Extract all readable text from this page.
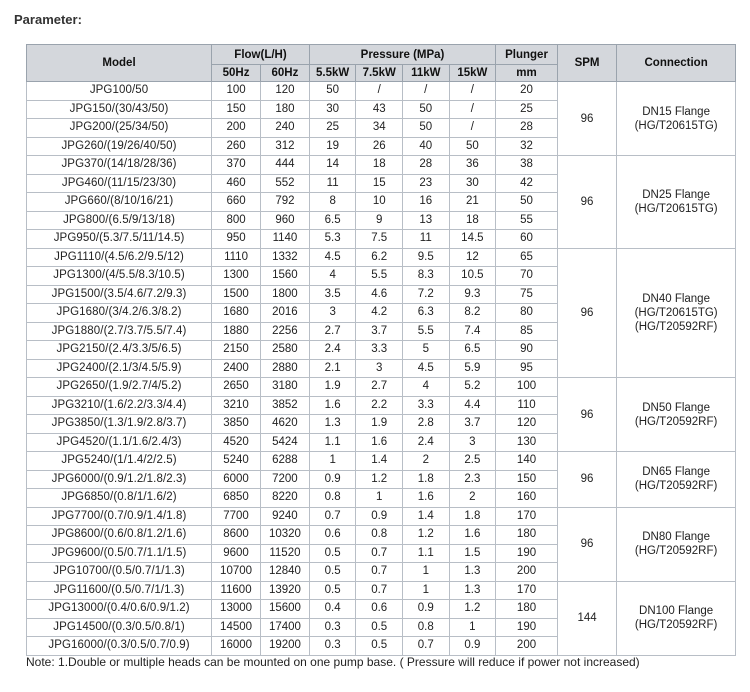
Parameter:
Model	Flow(L/H)		Pressure (MPa)				Plunger	SPM	Connection
	50Hz	60Hz	5.5kW	7.5kW	11kW	15kW	mm		
JPG100/50	100	120	50	/	/	/	20	96	DN15 Flange
(HG/T20615TG)

JPG150/(30/43/50)	150	180	30	43	50	/	25		
JPG200/(25/34/50)	200	240	25	34	50	/	28		
JPG260/(19/26/40/50)	260	312	19	26	40	50	32		
JPG370/(14/18/28/36)	370	444	14	18	28	36	38	96	DN25 Flange
(HG/T20615TG)

JPG460/(11/15/23/30)	460	552	11	15	23	30	42		
JPG660/(8/10/16/21)	660	792	8	10	16	21	50		
JPG800/(6.5/9/13/18)	800	960	6.5	9	13	18	55		
JPG950/(5.3/7.5/11/14.5)	950	1140	5.3	7.5	11	14.5	60		
JPG1110/(4.5/6.2/9.5/12)	1110	1332	4.5	6.2	9.5	12	65	96	DN40 Flange
(HG/T20615TG)
(HG/T20592RF)

JPG1300/(4/5.5/8.3/10.5)	1300	1560	4	5.5	8.3	10.5	70		
JPG1500/(3.5/4.6/7.2/9.3)	1500	1800	3.5	4.6	7.2	9.3	75		
JPG1680/(3/4.2/6.3/8.2)	1680	2016	3	4.2	6.3	8.2	80		
JPG1880/(2.7/3.7/5.5/7.4)	1880	2256	2.7	3.7	5.5	7.4	85		
JPG2150/(2.4/3.3/5/6.5)	2150	2580	2.4	3.3	5	6.5	90		
JPG2400/(2.1/3/4.5/5.9)	2400	2880	2.1	3	4.5	5.9	95		
JPG2650/(1.9/2.7/4/5.2)	2650	3180	1.9	2.7	4	5.2	100	96	DN50 Flange
(HG/T20592RF)

JPG3210/(1.6/2.2/3.3/4.4)	3210	3852	1.6	2.2	3.3	4.4	110		
JPG3850/(1.3/1.9/2.8/3.7)	3850	4620	1.3	1.9	2.8	3.7	120		
JPG4520/(1.1/1.6/2.4/3)	4520	5424	1.1	1.6	2.4	3	130		
JPG5240/(1/1.4/2/2.5)	5240	6288	1	1.4	2	2.5	140	96	DN65 Flange
(HG/T20592RF)

JPG6000/(0.9/1.2/1.8/2.3)	6000	7200	0.9	1.2	1.8	2.3	150		
JPG6850/(0.8/1/1.6/2)	6850	8220	0.8	1	1.6	2	160		
JPG7700/(0.7/0.9/1.4/1.8)	7700	9240	0.7	0.9	1.4	1.8	170	96	DN80 Flange
(HG/T20592RF)

JPG8600/(0.6/0.8/1.2/1.6)	8600	10320	0.6	0.8	1.2	1.6	180		
JPG9600/(0.5/0.7/1.1/1.5)	9600	11520	0.5	0.7	1.1	1.5	190		
JPG10700/(0.5/0.7/1/1.3)	10700	12840	0.5	0.7	1	1.3	200		
JPG11600/(0.5/0.7/1/1.3)	11600	13920	0.5	0.7	1	1.3	170	144	DN100 Flange
(HG/T20592RF)

JPG13000/(0.4/0.6/0.9/1.2)	13000	15600	0.4	0.6	0.9	1.2	180		
JPG14500/(0.3/0.5/0.8/1)	14500	17400	0.3	0.5	0.8	1	190		
JPG16000/(0.3/0.5/0.7/0.9)	16000	19200	0.3	0.5	0.7	0.9	200		
Note: 1.Double or multiple heads can be mounted on one pump base. ( Pressure will reduce if power not increased)
